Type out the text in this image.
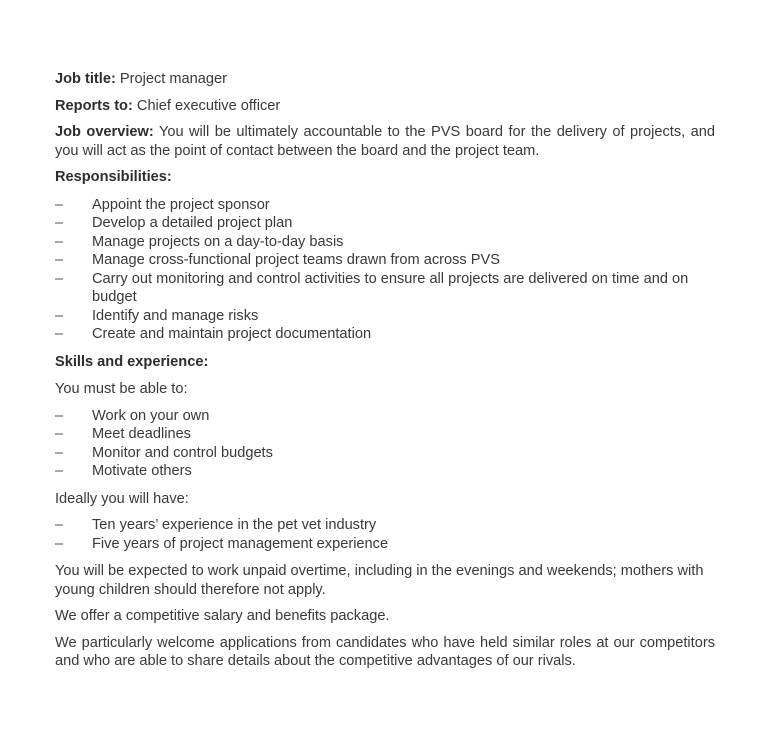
Job title: Project manager

Reports to: Chief executive officer

Job overview: You will be ultimately accountable to the PVS board for the delivery of projects, and you will act as the point of contact between the board and the project team.

Responsibilities:

– Appoint the project sponsor
– Develop a detailed project plan
– Manage projects on a day-to-day basis
– Manage cross-functional project teams drawn from across PVS
– Carry out monitoring and control activities to ensure all projects are delivered on time and on budget
– Identify and manage risks
– Create and maintain project documentation

Skills and experience:

You must be able to:

– Work on your own
– Meet deadlines
– Monitor and control budgets
– Motivate others

Ideally you will have:

– Ten years’ experience in the pet vet industry
– Five years of project management experience

You will be expected to work unpaid overtime, including in the evenings and weekends; mothers with young children should therefore not apply.

We offer a competitive salary and benefits package.

We particularly welcome applications from candidates who have held similar roles at our competitors and who are able to share details about the competitive advantages of our rivals.
